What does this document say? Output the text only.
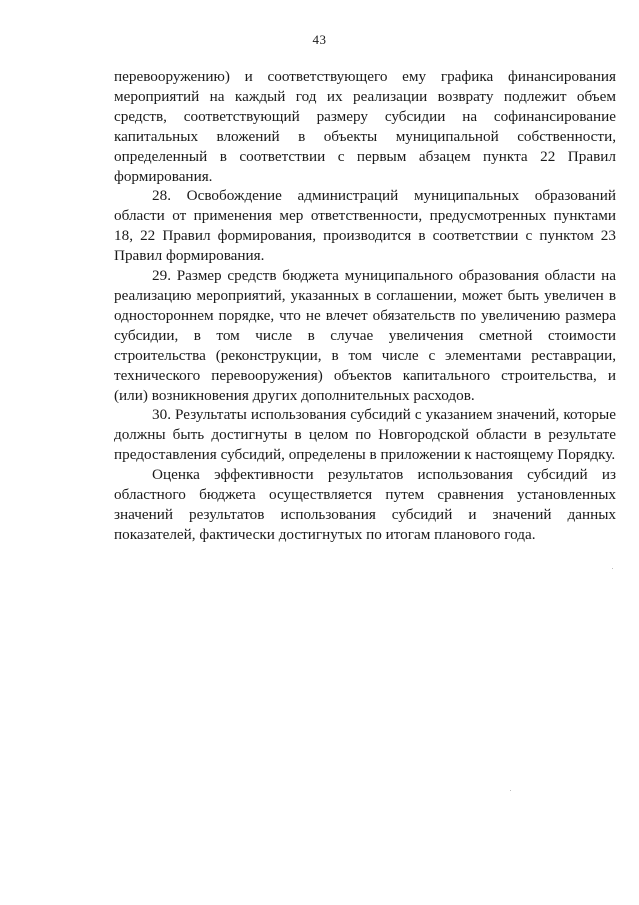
43

перевооружению) и соответствующего ему графика финансирования мероприятий на каждый год их реализации возврату подлежит объем средств, соответствующий размеру субсидии на софинансирование капитальных вложений в объекты муниципальной собственности, определенный в соответствии с первым абзацем пункта 22 Правил формирования.

28. Освобождение администраций муниципальных образований области от применения мер ответственности, предусмотренных пунктами 18, 22 Правил формирования, производится в соответствии с пунктом 23 Правил формирования.

29. Размер средств бюджета муниципального образования области на реализацию мероприятий, указанных в соглашении, может быть увеличен в одностороннем порядке, что не влечет обязательств по увеличению размера субсидии, в том числе в случае увеличения сметной стоимости строительства (реконструкции, в том числе с элементами реставрации, технического перевооружения) объектов капитального строительства, и (или) возникновения других дополнительных расходов.

30. Результаты использования субсидий с указанием значений, которые должны быть достигнуты в целом по Новгородской области в результате предоставления субсидий, определены в приложении к настоящему Порядку.

Оценка эффективности результатов использования субсидий из областного бюджета осуществляется путем сравнения установленных значений результатов использования субсидий и значений данных показателей, фактически достигнутых по итогам планового года.
